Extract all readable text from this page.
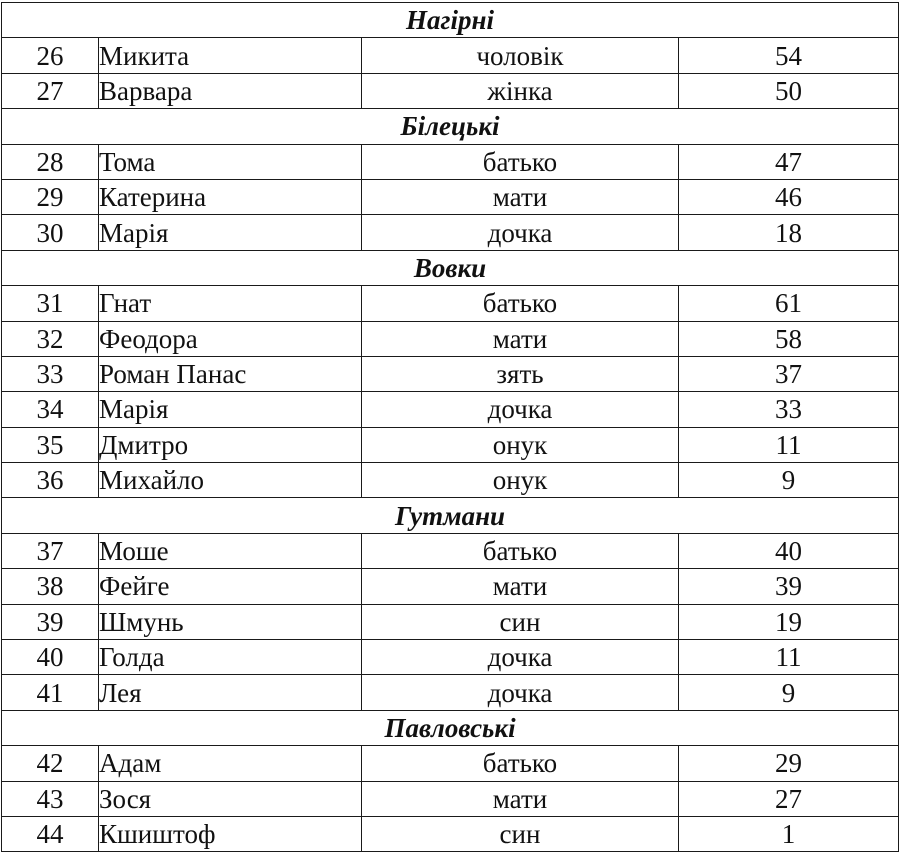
Нагірні			
26	Микита	чоловік	54
27	Варвара	жінка	50
Білецькі			
28	Тома	батько	47
29	Катерина	мати	46
30	Марія	дочка	18
Вовки			
31	Гнат	батько	61
32	Феодора	мати	58
33	Роман Панас	зять	37
34	Марія	дочка	33
35	Дмитро	онук	11
36	Михайло	онук	9
Гутмани			
37	Моше	батько	40
38	Фейге	мати	39
39	Шмунь	син	19
40	Голда	дочка	11
41	Лея	дочка	9
Павловські			
42	Адам	батько	29
43	Зося	мати	27
44	Кшиштоф	син	1
